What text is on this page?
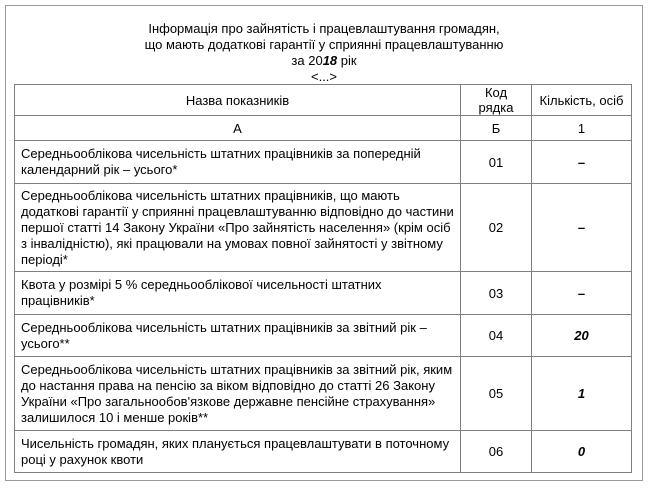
Інформація про зайнятість і працевлаштування громадян,
що мають додаткові гарантії у сприянні працевлаштуванню
за 2018 рік
<...>
Назва показників	Код рядка	Кількість, осіб
А	Б	1
Середньооблікова чисельність штатних працівників за попередній календарний рік – усього*	01	–
Середньооблікова чисельність штатних працівників, що мають додаткові гарантії у сприянні працевлаштуванню відповідно до частини першої статті 14 Закону України «Про зайнятість населення» (крім осіб з інвалідністю), які працювали на умовах повної зайнятості у звітному періоді*	02	–
Квота у розмірі 5 % середньооблікової чисельності штатних працівників*	03	–
Середньооблікова чисельність штатних працівників за звітний рік – усього**	04	20
Середньооблікова чисельність штатних працівників за звітний рік, яким до настання права на пенсію за віком відповідно до статті 26 Закону України «Про загальнообов'язкове державне пенсійне страхування» залишилося 10 і менше років**	05	1
Чисельність громадян, яких планується працевлаштувати в поточному році у рахунок квоти	06	0
